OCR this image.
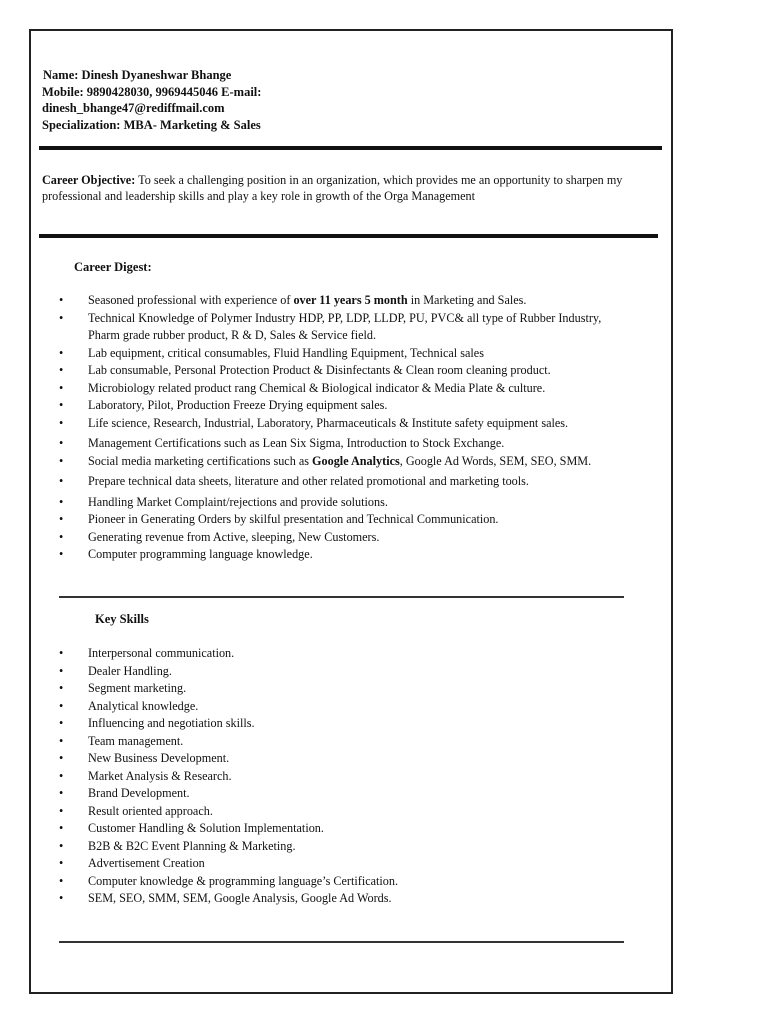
Name: Dinesh Dyaneshwar Bhange
Mobile: 9890428030, 9969445046 E-mail:
dinesh_bhange47@rediffmail.com
Specialization: MBA- Marketing & Sales
Career Objective: To seek a challenging position in an organization, which provides me an opportunity to sharpen my professional and leadership skills and play a key role in growth of the Orga Management
Career Digest:
• Seasoned professional with experience of over 11 years 5 month in Marketing and Sales.
• Technical Knowledge of Polymer Industry HDP, PP, LDP, LLDP, PU, PVC& all type of Rubber Industry, Pharm grade rubber product, R & D, Sales & Service field.
• Lab equipment, critical consumables, Fluid Handling Equipment, Technical sales
• Lab consumable, Personal Protection Product & Disinfectants & Clean room cleaning product.
• Microbiology related product rang Chemical & Biological indicator & Media Plate & culture.
• Laboratory, Pilot, Production Freeze Drying equipment sales.
• Life science, Research, Industrial, Laboratory, Pharmaceuticals & Institute safety equipment sales.
• Management Certifications such as Lean Six Sigma, Introduction to Stock Exchange.
• Social media marketing certifications such as Google Analytics, Google Ad Words, SEM, SEO, SMM.
• Prepare technical data sheets, literature and other related promotional and marketing tools.
• Handling Market Complaint/rejections and provide solutions.
• Pioneer in Generating Orders by skilful presentation and Technical Communication.
• Generating revenue from Active, sleeping, New Customers.
• Computer programming language knowledge.
Key Skills
• Interpersonal communication.
• Dealer Handling.
• Segment marketing.
• Analytical knowledge.
• Influencing and negotiation skills.
• Team management.
• New Business Development.
• Market Analysis & Research.
• Brand Development.
• Result oriented approach.
• Customer Handling & Solution Implementation.
• B2B & B2C Event Planning & Marketing.
• Advertisement Creation
• Computer knowledge & programming language’s Certification.
• SEM, SEO, SMM, SEM, Google Analysis, Google Ad Words.
